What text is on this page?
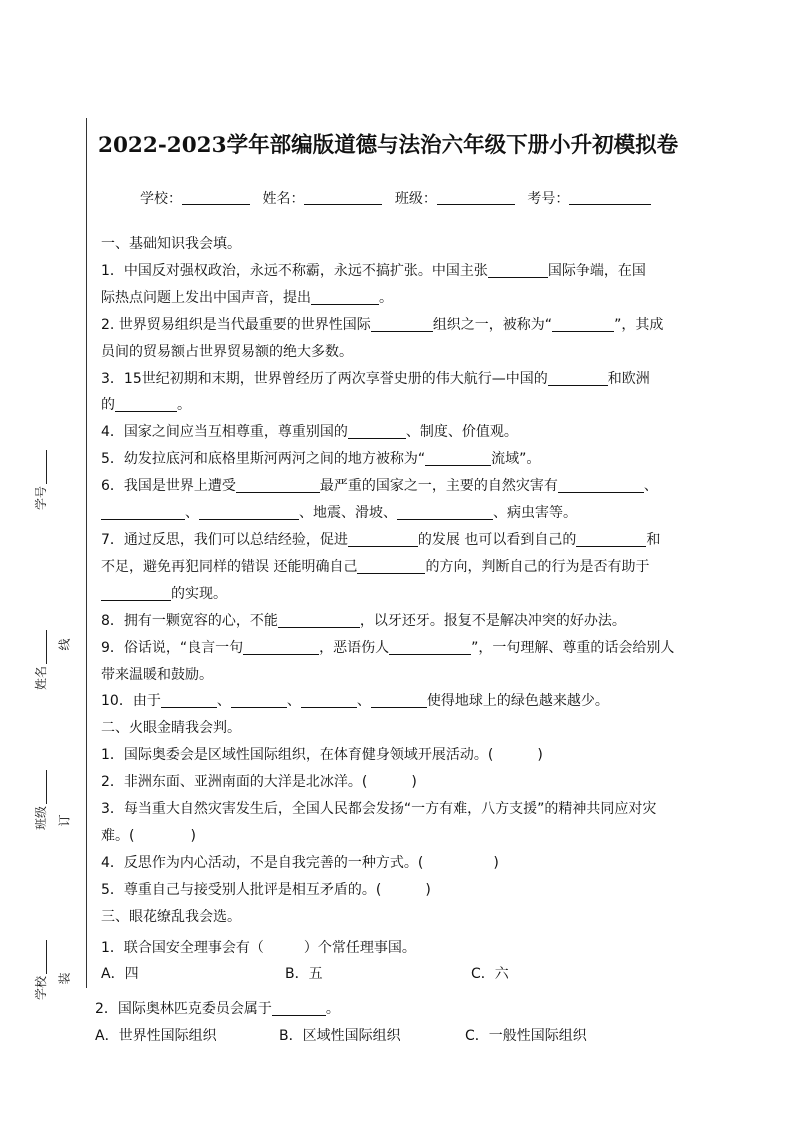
学号
姓名
线
班级 订
学校 装
2022-2023学年部编版道德与法治六年级下册小升初模拟卷
学校：	姓名：	班级：	考号：

一、基础知识我会填。

1．中国反对强权政治，永远不称霸，永远不搞扩张。中国主张	国际争端，在国

际热点问题上发出中国声音，提出	。

2. 世界贸易组织是当代最重要的世界性国际	组织之一，被称为“	”，其成

员间的贸易额占世界贸易额的绝大多数。

3．15世纪初期和末期，世界曾经历了两次享誉史册的伟大航行—中国的	和欧洲

的	。

4．国家之间应当互相尊重，尊重别国的	、制度、价值观。

5．幼发拉底河和底格里斯河两河之间的地方被称为“	流域”。

6．我国是世界上遭受	最严重的国家之一，主要的自然灾害有	、

、	、地震、滑坡、	、病虫害等。

7．通过反思，我们可以总结经验，促进	的发展 也可以看到自己的	和

不足，避免再犯同样的错误 还能明确自己	的方向，判断自己的行为是否有助于

的实现。

8．拥有一颗宽容的心，不能	，以牙还牙。报复不是解决冲突的好办法。

9．俗话说，“良言一句	，恶语伤人	”，一句理解、尊重的话会给别人

带来温暖和鼓励。

10．由于	、	、	、	使得地球上的绿色越来越少。

二、火眼金睛我会判。

1．国际奥委会是区域性国际组织，在体育健身领域开展活动。(	)

2．非洲东面、亚洲南面的大洋是北冰洋。(	)

3．每当重大自然灾害发生后，全国人民都会发扬“一方有难，八方支援”的精神共同应对灾

难。(	)

4．反思作为内心活动，不是自我完善的一种方式。(	)

5．尊重自己与接受别人批评是相互矛盾的。(	)

三、眼花缭乱我会选。

1．联合国安全理事会有（	）个常任理事国。

A．四	B．五	C．六

2．国际奥林匹克委员会属于	。

A．世界性国际组织	B．区域性国际组织	C．一般性国际组织
